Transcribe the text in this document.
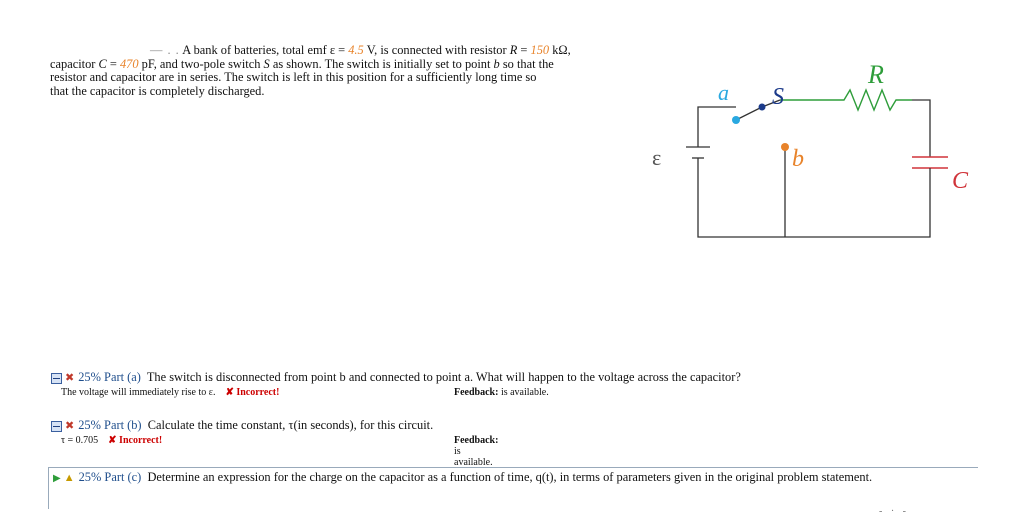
— . . A bank of batteries, total emf ε = 4.5 V, is connected with resistor R = 150 kΩ,
capacitor C = 470 pF, and two-pole switch S as shown. The switch is initially set to point b so that the
resistor and capacitor are in series. The switch is left in this position for a sufficiently long time so
that the capacitor is completely discharged.	a S
R
b
ε
C
✖ 25% Part (a) The switch is disconnected from point b and connected to point a. What will happen to the voltage across the capacitor?
The voltage will immediately rise to ε. ✘ Incorrect!	Feedback: is available.
✖ 25% Part (b) Calculate the time constant, τ(in seconds), for this circuit.
τ = 0.705 ✘ Incorrect!	Feedback: is available.
▶ ▲ 25% Part (c) Determine an expression for the charge on the capacitor as a function of time, q(t), in terms of parameters given in the original problem statement.
- · -
